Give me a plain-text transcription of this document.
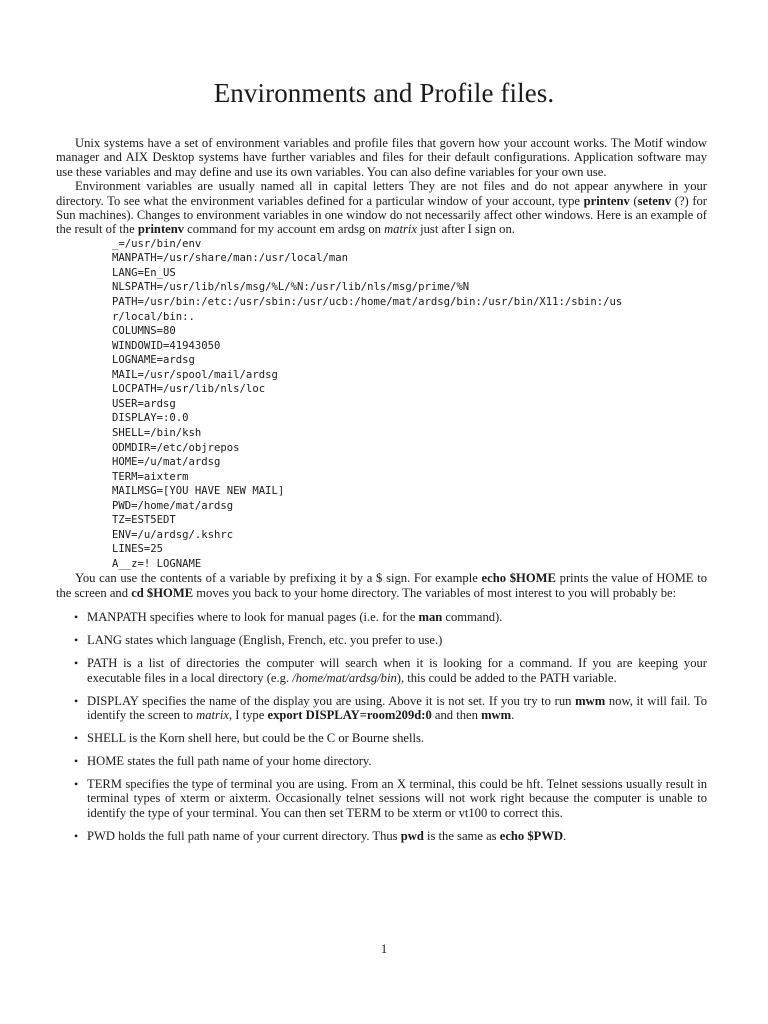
Environments and Profile files.

Unix systems have a set of environment variables and profile files that govern how your account works. The Motif window manager and AIX Desktop systems have further variables and files for their default configurations. Application software may use these variables and may define and use its own variables. You can also define variables for your own use.

Environment variables are usually named all in capital letters They are not files and do not appear anywhere in your directory. To see what the environment variables defined for a particular window of your account, type printenv (setenv (?) for Sun machines). Changes to environment variables in one window do not necessarily affect other windows. Here is an example of the result of the printenv command for my account em ardsg on matrix just after I sign on.

_=/usr/bin/env
MANPATH=/usr/share/man:/usr/local/man
LANG=En_US
NLSPATH=/usr/lib/nls/msg/%L/%N:/usr/lib/nls/msg/prime/%N
PATH=/usr/bin:/etc:/usr/sbin:/usr/ucb:/home/mat/ardsg/bin:/usr/bin/X11:/sbin:/us
r/local/bin:.
COLUMNS=80
WINDOWID=41943050
LOGNAME=ardsg
MAIL=/usr/spool/mail/ardsg
LOCPATH=/usr/lib/nls/loc
USER=ardsg
DISPLAY=:0.0
SHELL=/bin/ksh
ODMDIR=/etc/objrepos
HOME=/u/mat/ardsg
TERM=aixterm
MAILMSG=[YOU HAVE NEW MAIL]
PWD=/home/mat/ardsg
TZ=EST5EDT
ENV=/u/ardsg/.kshrc
LINES=25
A__z=! LOGNAME

You can use the contents of a variable by prefixing it by a $ sign. For example echo $HOME prints the value of HOME to the screen and cd $HOME moves you back to your home directory. The variables of most interest to you will probably be:

• MANPATH specifies where to look for manual pages (i.e. for the man command).
• LANG states which language (English, French, etc. you prefer to use.)
• PATH is a list of directories the computer will search when it is looking for a command. If you are keeping your executable files in a local directory (e.g. /home/mat/ardsg/bin), this could be added to the PATH variable.
• DISPLAY specifies the name of the display you are using. Above it is not set. If you try to run mwm now, it will fail. To identify the screen to matrix, I type export DISPLAY=room209d:0 and then mwm.
• SHELL is the Korn shell here, but could be the C or Bourne shells.
• HOME states the full path name of your home directory.
• TERM specifies the type of terminal you are using. From an X terminal, this could be hft. Telnet sessions usually result in terminal types of xterm or aixterm. Occasionally telnet sessions will not work right because the computer is unable to identify the type of your terminal. You can then set TERM to be xterm or vt100 to correct this.
• PWD holds the full path name of your current directory. Thus pwd is the same as echo $PWD.
1
